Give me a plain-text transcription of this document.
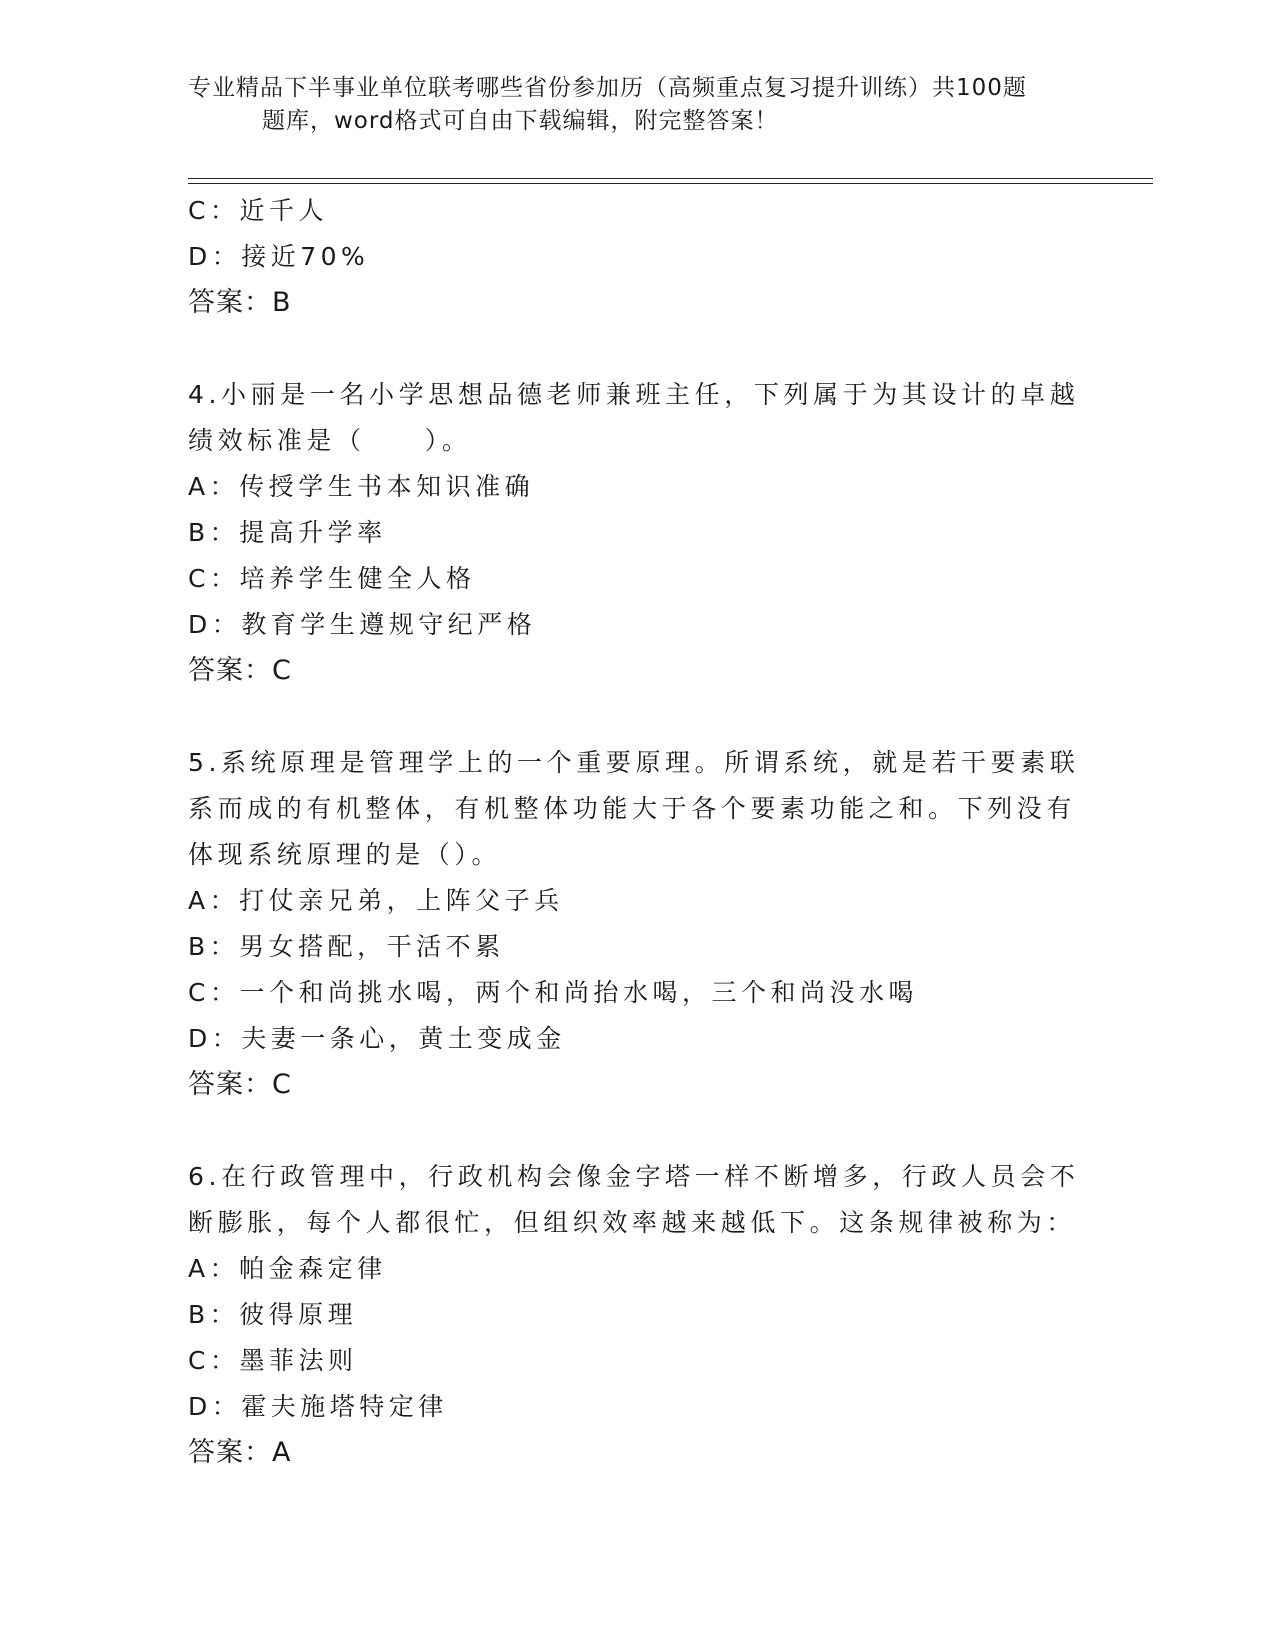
专业精品下半事业单位联考哪些省份参加历（高频重点复习提升训练）共100题
题库，word格式可自由下载编辑，附完整答案！
C：近千人
D：接近70%
答案：B
4.小丽是一名小学思想品德老师兼班主任，下列属于为其设计的卓越
绩效标准是（　　）。
A：传授学生书本知识准确
B：提高升学率
C：培养学生健全人格
D：教育学生遵规守纪严格
答案：C
5.系统原理是管理学上的一个重要原理。所谓系统，就是若干要素联
系而成的有机整体，有机整体功能大于各个要素功能之和。下列没有
体现系统原理的是（）。
A：打仗亲兄弟，上阵父子兵
B：男女搭配，干活不累
C：一个和尚挑水喝，两个和尚抬水喝，三个和尚没水喝
D：夫妻一条心，黄土变成金
答案：C
6.在行政管理中，行政机构会像金字塔一样不断增多，行政人员会不
断膨胀，每个人都很忙，但组织效率越来越低下。这条规律被称为：
A：帕金森定律
B：彼得原理
C：墨菲法则
D：霍夫施塔特定律
答案：A
